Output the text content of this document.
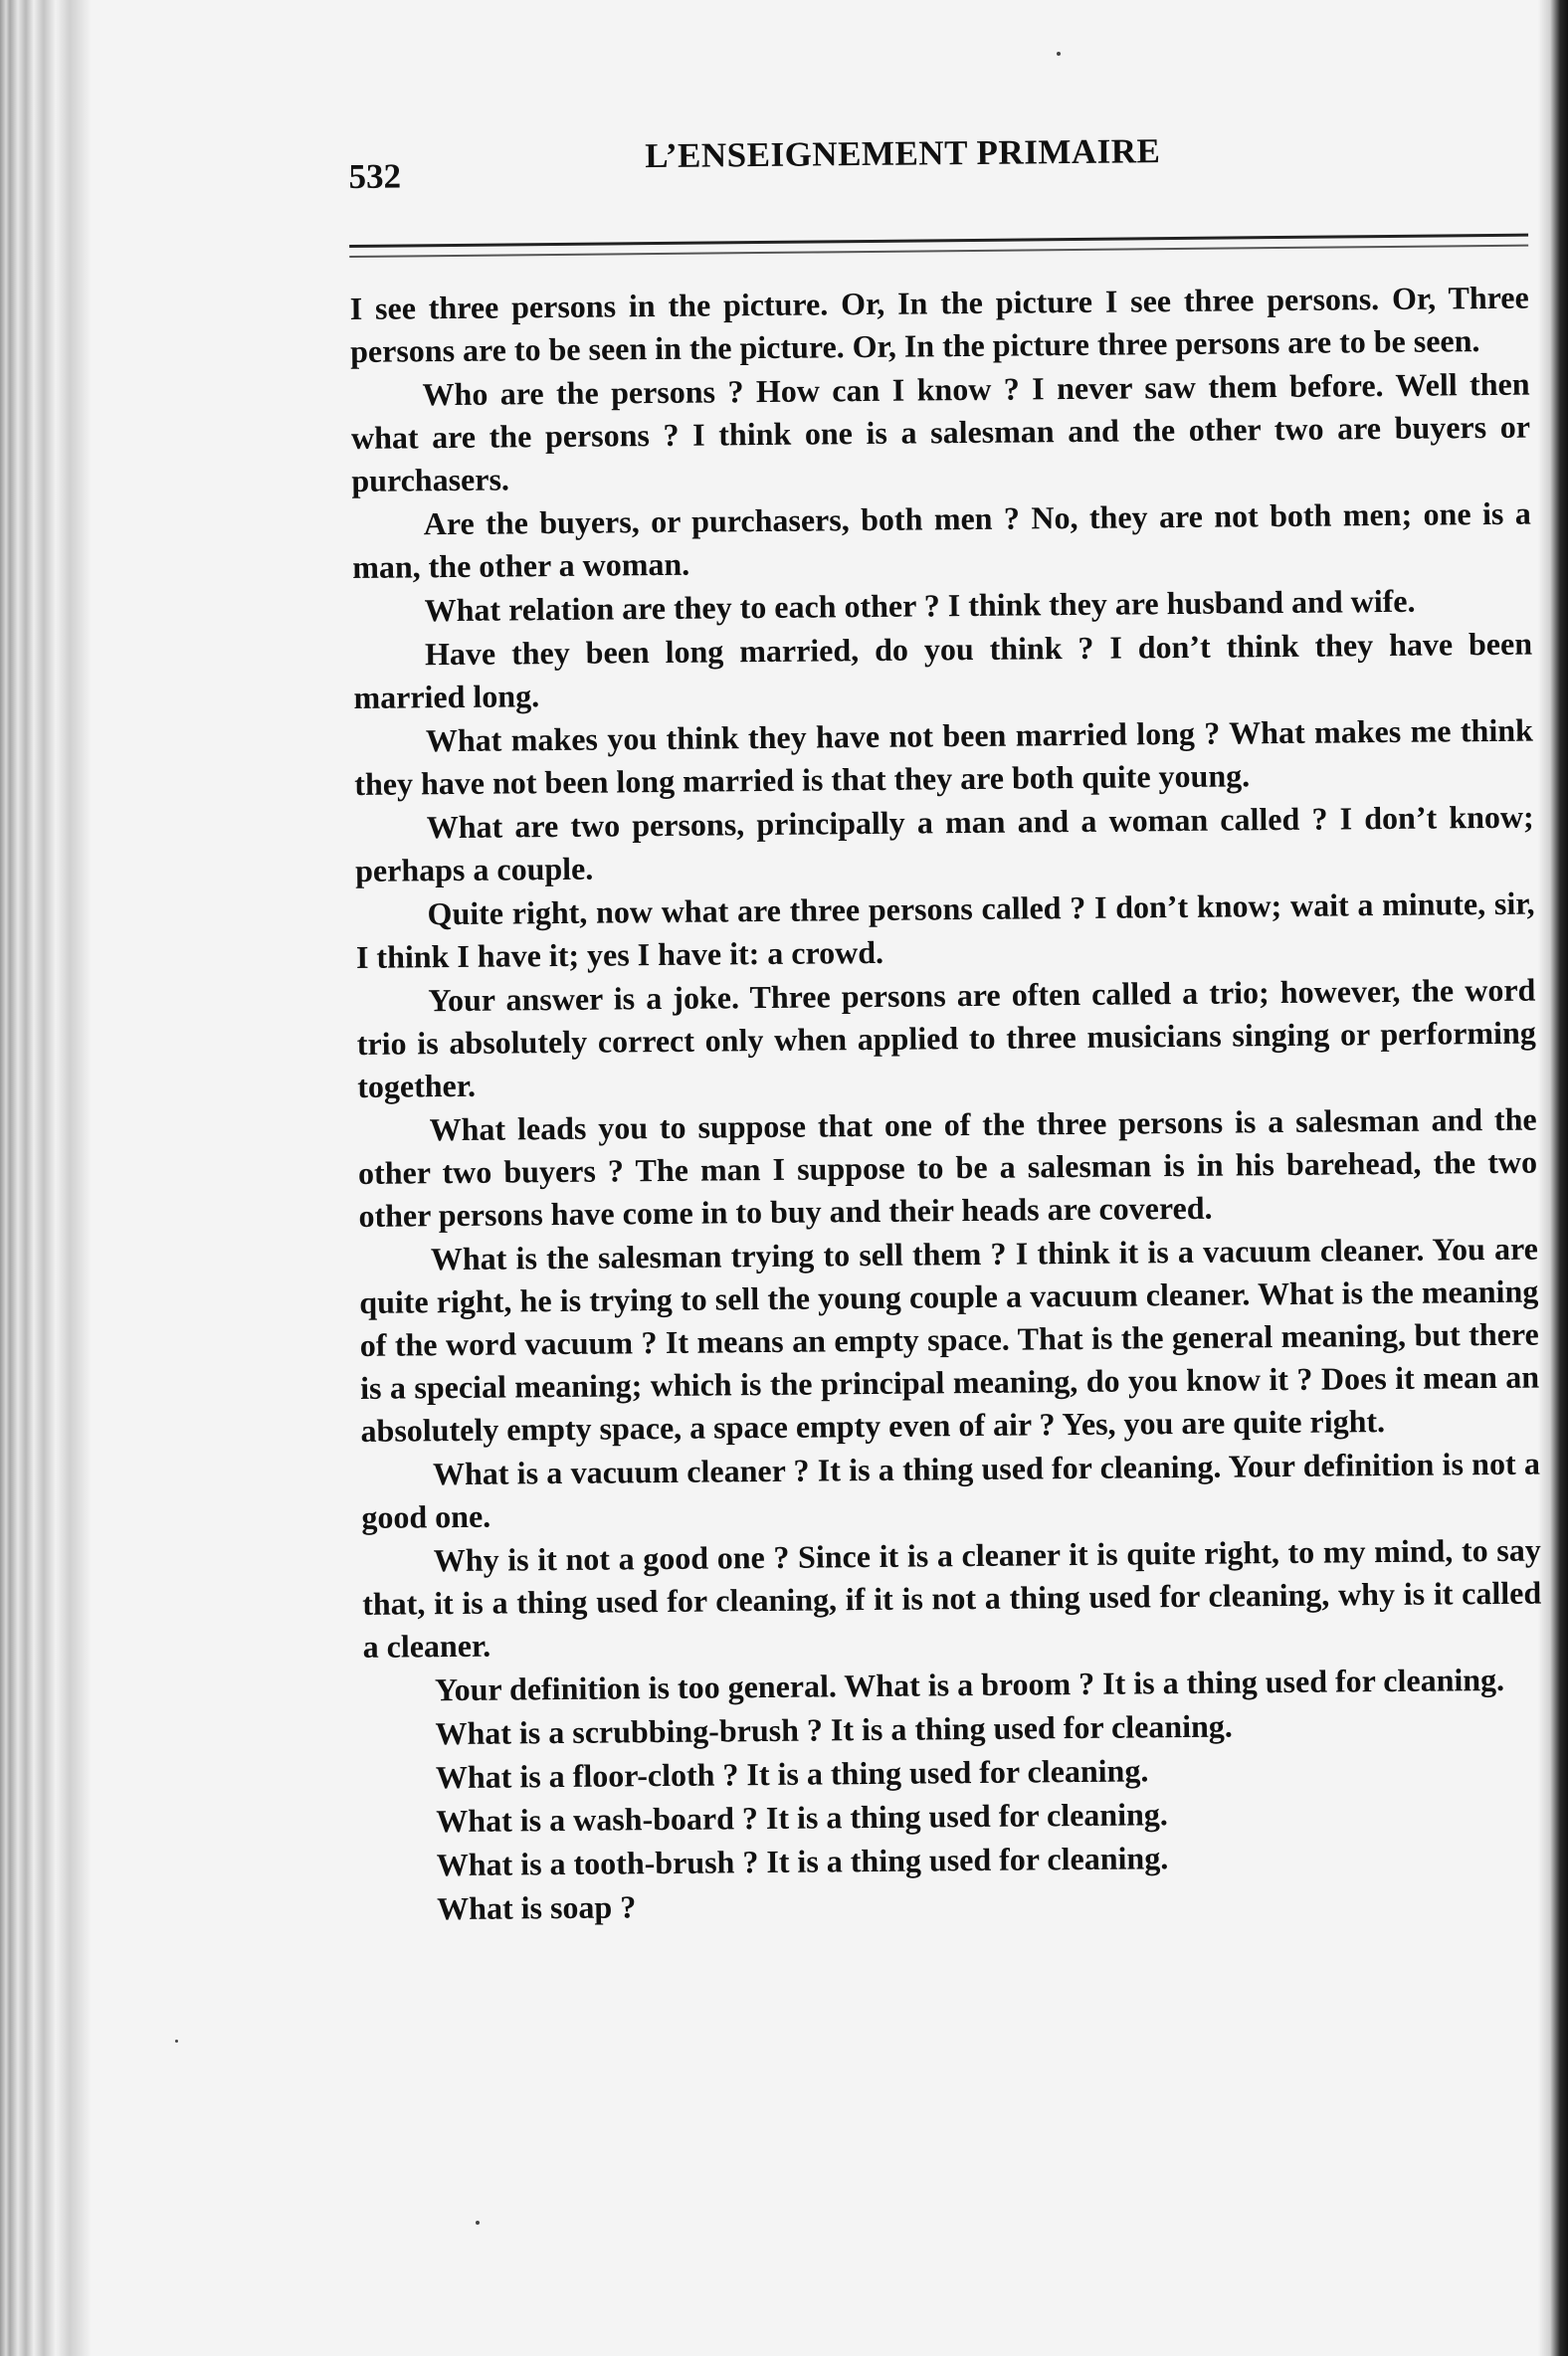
532
L’ENSEIGNEMENT PRIMAIRE

I see three persons in the picture. Or, In the picture I see three persons. Or, Three persons are to be seen in the picture. Or, In the picture three persons are to be seen.

Who are the persons ? How can I know ? I never saw them before. Well then what are the persons ? I think one is a salesman and the other two are buyers or purchasers.

Are the buyers, or purchasers, both men ? No, they are not both men; one is a man, the other a woman.

What relation are they to each other ? I think they are husband and wife.

Have they been long married, do you think ? I don’t think they have been married long.

What makes you think they have not been married long ? What makes me think they have not been long married is that they are both quite young.

What are two persons, principally a man and a woman called ? I don’t know; perhaps a couple.

Quite right, now what are three persons called ? I don’t know; wait a minute, sir, I think I have it; yes I have it: a crowd.

Your answer is a joke. Three persons are often called a trio; however, the word trio is absolutely correct only when applied to three musicians singing or performing together.

What leads you to suppose that one of the three persons is a salesman and the other two buyers ? The man I suppose to be a salesman is in his barehead, the two other persons have come in to buy and their heads are covered.

What is the salesman trying to sell them ? I think it is a vacuum cleaner. You are quite right, he is trying to sell the young couple a vacuum cleaner. What is the meaning of the word vacuum ? It means an empty space. That is the general meaning, but there is a special meaning; which is the principal meaning, do you know it ? Does it mean an absolutely empty space, a space empty even of air ? Yes, you are quite right.

What is a vacuum cleaner ? It is a thing used for cleaning. Your definition is not a good one.

Why is it not a good one ? Since it is a cleaner it is quite right, to my mind, to say that, it is a thing used for cleaning, if it is not a thing used for cleaning, why is it called a cleaner.

Your definition is too general. What is a broom ? It is a thing used for cleaning.

What is a scrubbing-brush ? It is a thing used for cleaning.

What is a floor-cloth ? It is a thing used for cleaning.

What is a wash-board ? It is a thing used for cleaning.

What is a tooth-brush ? It is a thing used for cleaning.

What is soap ?
